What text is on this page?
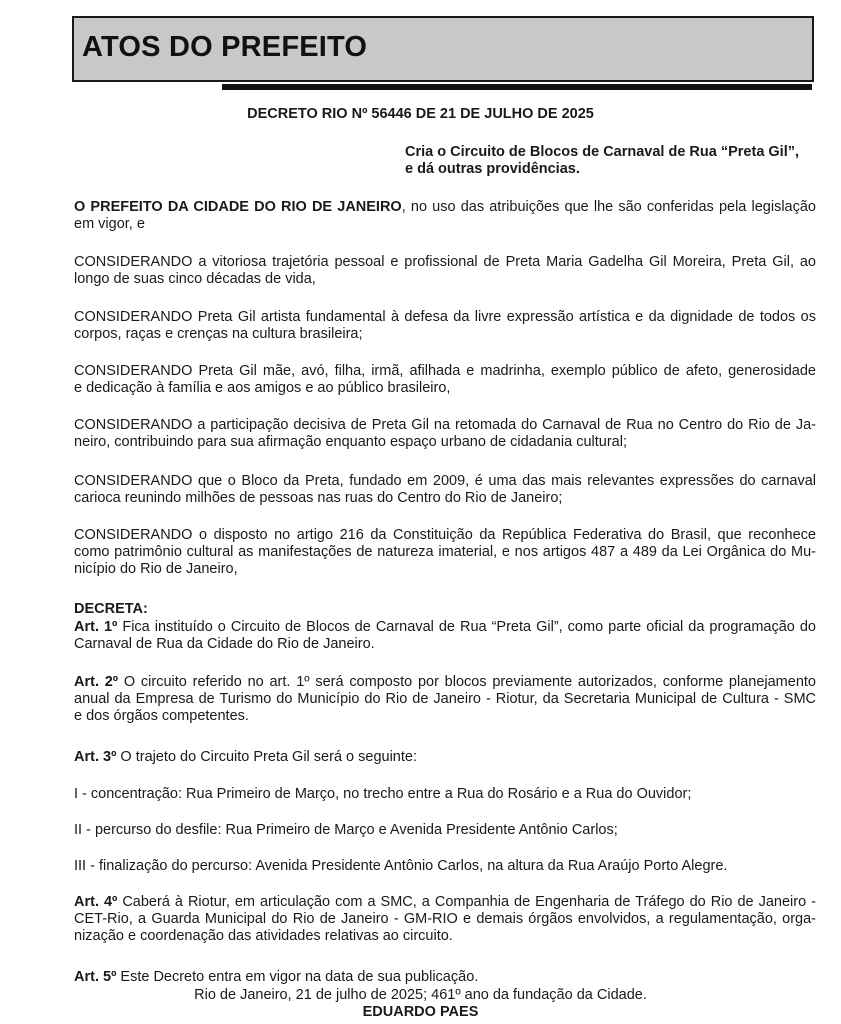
ATOS DO PREFEITO
DECRETO RIO Nº 56446 DE 21 DE JULHO DE 2025
Cria o Circuito de Blocos de Carnaval de Rua “Preta Gil”,
e dá outras providências.
O PREFEITO DA CIDADE DO RIO DE JANEIRO, no uso das atribuições que lhe são conferidas pela legislação
em vigor, e
CONSIDERANDO a vitoriosa trajetória pessoal e profissional de Preta Maria Gadelha Gil Moreira, Preta Gil, ao
longo de suas cinco décadas de vida,
CONSIDERANDO Preta Gil artista fundamental à defesa da livre expressão artística e da dignidade de todos os
corpos, raças e crenças na cultura brasileira;
CONSIDERANDO Preta Gil mãe, avó, filha, irmã, afilhada e madrinha, exemplo público de afeto, generosidade
e dedicação à família e aos amigos e ao público brasileiro,
CONSIDERANDO a participação decisiva de Preta Gil na retomada do Carnaval de Rua no Centro do Rio de Ja-
neiro, contribuindo para sua afirmação enquanto espaço urbano de cidadania cultural;
CONSIDERANDO que o Bloco da Preta, fundado em 2009, é uma das mais relevantes expressões do carnaval
carioca reunindo milhões de pessoas nas ruas do Centro do Rio de Janeiro;
CONSIDERANDO o disposto no artigo 216 da Constituição da República Federativa do Brasil, que reconhece
como patrimônio cultural as manifestações de natureza imaterial, e nos artigos 487 a 489 da Lei Orgânica do Mu-
nicípio do Rio de Janeiro,
DECRETA:
Art. 1º Fica instituído o Circuito de Blocos de Carnaval de Rua “Preta Gil”, como parte oficial da programação do
Carnaval de Rua da Cidade do Rio de Janeiro.
Art. 2º O circuito referido no art. 1º será composto por blocos previamente autorizados, conforme planejamento
anual da Empresa de Turismo do Município do Rio de Janeiro - Riotur, da Secretaria Municipal de Cultura - SMC
e dos órgãos competentes.
Art. 3º O trajeto do Circuito Preta Gil será o seguinte:
I - concentração: Rua Primeiro de Março, no trecho entre a Rua do Rosário e a Rua do Ouvidor;
II - percurso do desfile: Rua Primeiro de Março e Avenida Presidente Antônio Carlos;
III - finalização do percurso: Avenida Presidente Antônio Carlos, na altura da Rua Araújo Porto Alegre.
Art. 4º Caberá à Riotur, em articulação com a SMC, a Companhia de Engenharia de Tráfego do Rio de Janeiro -
CET-Rio, a Guarda Municipal do Rio de Janeiro - GM-RIO e demais órgãos envolvidos, a regulamentação, orga-
nização e coordenação das atividades relativas ao circuito.
Art. 5º Este Decreto entra em vigor na data de sua publicação.
Rio de Janeiro, 21 de julho de 2025; 461º ano da fundação da Cidade.
EDUARDO PAES
